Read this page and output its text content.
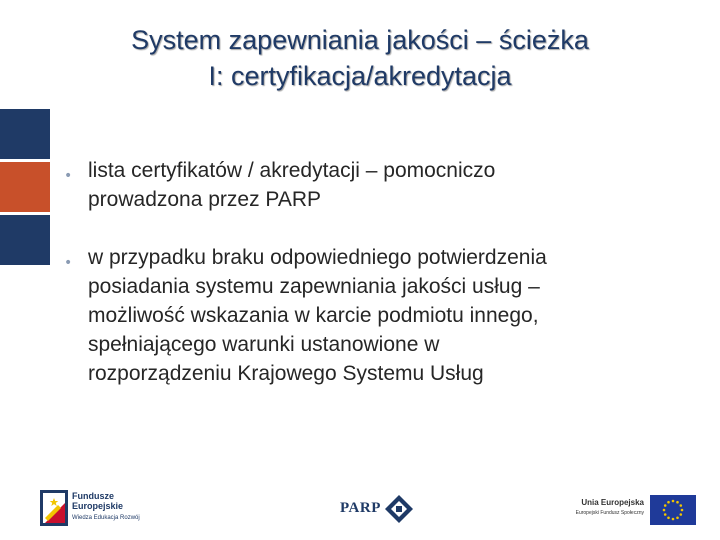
System zapewniania jakości – ścieżka
I: certyfikacja/akredytacja
• lista certyfikatów / akredytacji – pomocniczo
prowadzona przez PARP
• w przypadku braku odpowiedniego potwierdzenia
posiadania systemu zapewniania jakości usług –
możliwość wskazania w karcie podmiotu innego,
spełniającego warunki ustanowione w
rozporządzeniu Krajowego Systemu Usług
Fundusze
Europejskie
Wiedza Edukacja Rozwój
PARP	Unia Europejska
Europejski Fundusz Społeczny
